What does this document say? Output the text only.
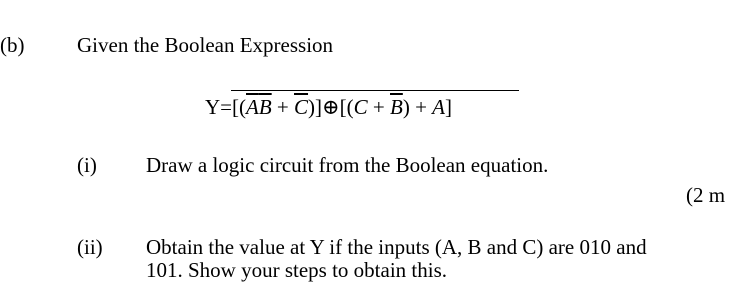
(b)	Given the Boolean Expression
$Y=[(AB + \overline{C})]\oplus[(C + \overline{B}) + A]$
(i) Draw a logic circuit from the Boolean equation.
(2 m
(ii) Obtain the value at Y if the inputs (A, B and C) are 010 and
101. Show your steps to obtain this.
